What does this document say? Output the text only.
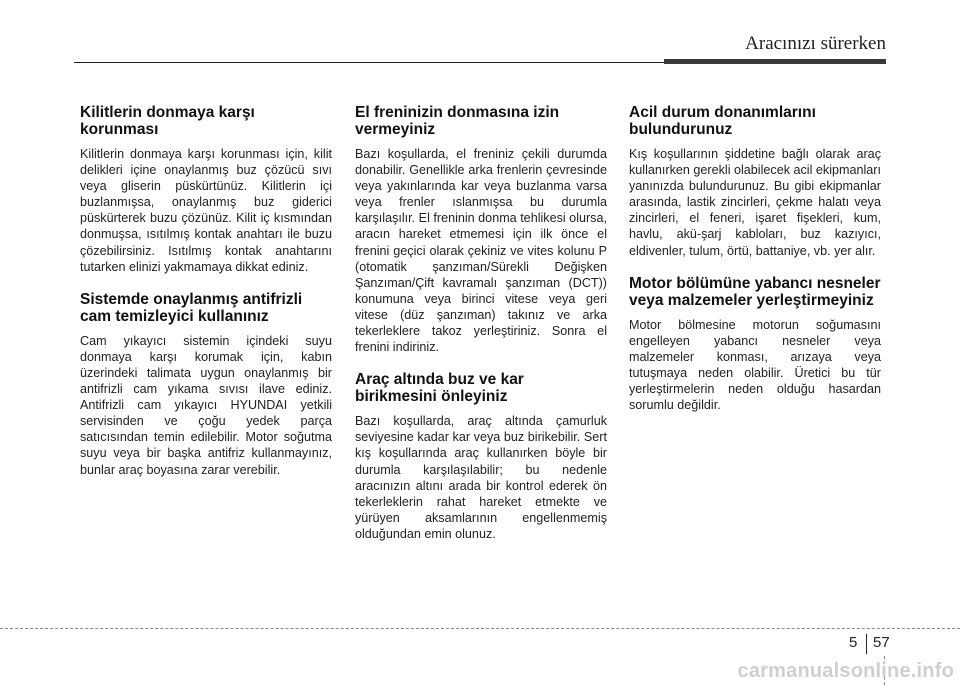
Aracınızı sürerken
Kilitlerin donmaya karşı korunması

Kilitlerin donmaya karşı korunması için, kilit delikleri içine onaylanmış buz çözücü sıvı veya gliserin püskürtünüz. Kilitlerin içi buzlanmışsa, onaylanmış buz giderici püskürterek buzu çözünüz. Kilit iç kısmından donmuşsa, ısıtılmış kontak anahtarı ile buzu çözebilirsiniz. Isıtılmış kontak anahtarını tutarken elinizi yakmamaya dikkat ediniz.

Sistemde onaylanmış antifrizli cam temizleyici kullanınız

Cam yıkayıcı sistemin içindeki suyu donmaya karşı korumak için, kabın üzerindeki talimata uygun onaylanmış bir antifrizli cam yıkama sıvısı ilave ediniz. Antifrizli cam yıkayıcı HYUNDAI yetkili servisinden ve çoğu yedek parça satıcısından temin edilebilir. Motor soğutma suyu veya bir başka antifriz kullanmayınız, bunlar araç boyasına zarar verebilir.

El freninizin donmasına izin vermeyiniz

Bazı koşullarda, el freniniz çekili durumda donabilir. Genellikle arka frenlerin çevresinde veya yakınlarında kar veya buzlanma varsa veya frenler ıslanmışsa bu durumla karşılaşılır. El freninin donma tehlikesi olursa, aracın hareket etmemesi için ilk önce el frenini geçici olarak çekiniz ve vites kolunu P (otomatik şanzıman/Sürekli Değişken Şanzıman/Çift kavramalı şanzıman (DCT)) konumuna veya birinci vitese veya geri vitese (düz şanzıman) takınız ve arka tekerleklere takoz yerleştiriniz. Sonra el frenini indiriniz.

Araç altında buz ve kar birikmesini önleyiniz

Bazı koşullarda, araç altında çamurluk seviyesine kadar kar veya buz birikebilir. Sert kış koşullarında araç kullanırken böyle bir durumla karşılaşılabilir; bu nedenle aracınızın altını arada bir kontrol ederek ön tekerleklerin rahat hareket etmekte ve yürüyen aksamlarının engellenmemiş olduğundan emin olunuz.

Acil durum donanımlarını bulundurunuz

Kış koşullarının şiddetine bağlı olarak araç kullanırken gerekli olabilecek acil ekipmanları yanınızda bulundurunuz. Bu gibi ekipmanlar arasında, lastik zincirleri, çekme halatı veya zincirleri, el feneri, işaret fişekleri, kum, havlu, akü-şarj kabloları, buz kazıyıcı, eldivenler, tulum, örtü, battaniye, vb. yer alır.

Motor bölümüne yabancı nesneler veya malzemeler yerleştirmeyiniz

Motor bölmesine motorun soğumasını engelleyen yabancı nesneler veya malzemeler konması, arızaya veya tutuşmaya neden olabilir. Üretici bu tür yerleştirmelerin neden olduğu hasardan sorumlu değildir.

5 57
carmanualsonline.info
